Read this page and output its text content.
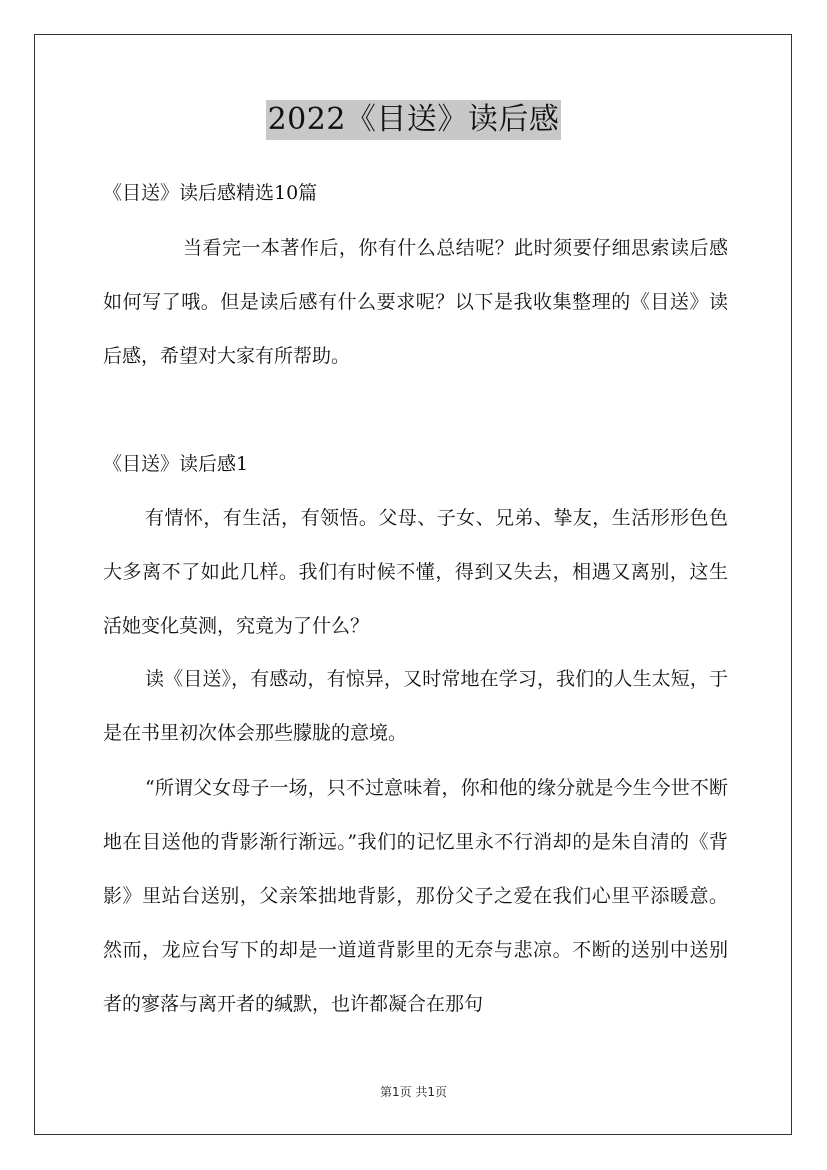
2022《目送》读后感

《目送》读后感精选10篇

当看完一本著作后，你有什么总结呢？此时须要仔细思索读后感如何写了哦。但是读后感有什么要求呢？以下是我收集整理的《目送》读后感，希望对大家有所帮助。

《目送》读后感1

有情怀，有生活，有领悟。父母、子女、兄弟、挚友，生活形形色色大多离不了如此几样。我们有时候不懂，得到又失去，相遇又离别，这生活她变化莫测，究竟为了什么？

读《目送》，有感动，有惊异，又时常地在学习，我们的人生太短，于是在书里初次体会那些朦胧的意境。

“所谓父女母子一场，只不过意味着，你和他的缘分就是今生今世不断地在目送他的背影渐行渐远。”我们的记忆里永不行消却的是朱自清的《背影》里站台送别，父亲笨拙地背影，那份父子之爱在我们心里平添暖意。然而，龙应台写下的却是一道道背影里的无奈与悲凉。不断的送别中送别者的寥落与离开者的缄默，也许都凝合在那句

第1页 共1页
